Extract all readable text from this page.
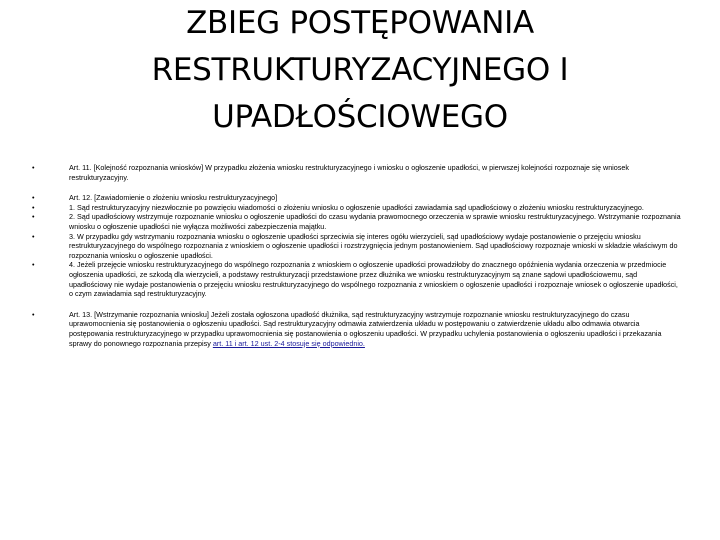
ZBIEG POSTĘPOWANIA
RESTRUKTURYZACYJNEGO I
UPADŁOŚCIOWEGO
•	Art. 11. [Kolejność rozpoznania wniosków] W przypadku złożenia wniosku restrukturyzacyjnego i wniosku o ogłoszenie upadłości, w pierwszej kolejności rozpoznaje się wniosek restrukturyzacyjny.
•	Art. 12. [Zawiadomienie o złożeniu wniosku restrukturyzacyjnego]
•	1. Sąd restrukturyzacyjny niezwłocznie po powzięciu wiadomości o złożeniu wniosku o ogłoszenie upadłości zawiadamia sąd upadłościowy o złożeniu wniosku restrukturyzacyjnego.
•	2. Sąd upadłościowy wstrzymuje rozpoznanie wniosku o ogłoszenie upadłości do czasu wydania prawomocnego orzeczenia w sprawie wniosku restrukturyzacyjnego. Wstrzymanie rozpoznania wniosku o ogłoszenie upadłości nie wyłącza możliwości zabezpieczenia majątku.
•	3. W przypadku gdy wstrzymaniu rozpoznania wniosku o ogłoszenie upadłości sprzeciwia się interes ogółu wierzycieli, sąd upadłościowy wydaje postanowienie o przejęciu wniosku restrukturyzacyjnego do wspólnego rozpoznania z wnioskiem o ogłoszenie upadłości i rozstrzygnięcia jednym postanowieniem. Sąd upadłościowy rozpoznaje wnioski w składzie właściwym do rozpoznania wniosku o ogłoszenie upadłości.
•	4. Jeżeli przejęcie wniosku restrukturyzacyjnego do wspólnego rozpoznania z wnioskiem o ogłoszenie upadłości prowadziłoby do znacznego opóźnienia wydania orzeczenia w przedmiocie ogłoszenia upadłości, ze szkodą dla wierzycieli, a podstawy restrukturyzacji przedstawione przez dłużnika we wniosku restrukturyzacyjnym są znane sądowi upadłościowemu, sąd upadłościowy nie wydaje postanowienia o przejęciu wniosku restrukturyzacyjnego do wspólnego rozpoznania z wnioskiem o ogłoszenie upadłości i rozpoznaje wniosek o ogłoszenie upadłości, o czym zawiadamia sąd restrukturyzacyjny.
•	Art. 13. [Wstrzymanie rozpoznania wniosku] Jeżeli została ogłoszona upadłość dłużnika, sąd restrukturyzacyjny wstrzymuje rozpoznanie wniosku restrukturyzacyjnego do czasu uprawomocnienia się postanowienia o ogłoszeniu upadłości. Sąd restrukturyzacyjny odmawia zatwierdzenia układu w postępowaniu o zatwierdzenie układu albo odmawia otwarcia postępowania restrukturyzacyjnego w przypadku uprawomocnienia się postanowienia o ogłoszeniu upadłości. W przypadku uchylenia postanowienia o ogłoszeniu upadłości i przekazania sprawy do ponownego rozpoznania przepisy art. 11 i art. 12 ust. 2-4 stosuje się odpowiednio.
